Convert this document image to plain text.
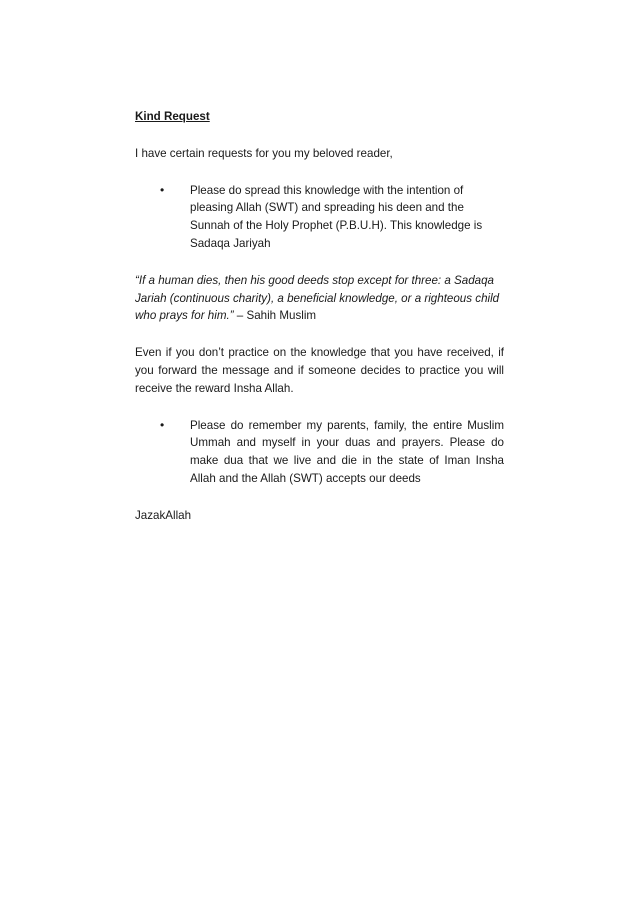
Kind Request
I have certain requests for you my beloved reader,
• Please do spread this knowledge with the intention of pleasing Allah (SWT) and spreading his deen and the Sunnah of the Holy Prophet (P.B.U.H). This knowledge is Sadaqa Jariyah
“If a human dies, then his good deeds stop except for three: a Sadaqa Jariah (continuous charity), a beneficial knowledge, or a righteous child who prays for him.” – Sahih Muslim
Even if you don’t practice on the knowledge that you have received, if you forward the message and if someone decides to practice you will receive the reward Insha Allah.
• Please do remember my parents, family, the entire Muslim Ummah and myself in your duas and prayers. Please do make dua that we live and die in the state of Iman Insha Allah and the Allah (SWT) accepts our deeds
JazakAllah
